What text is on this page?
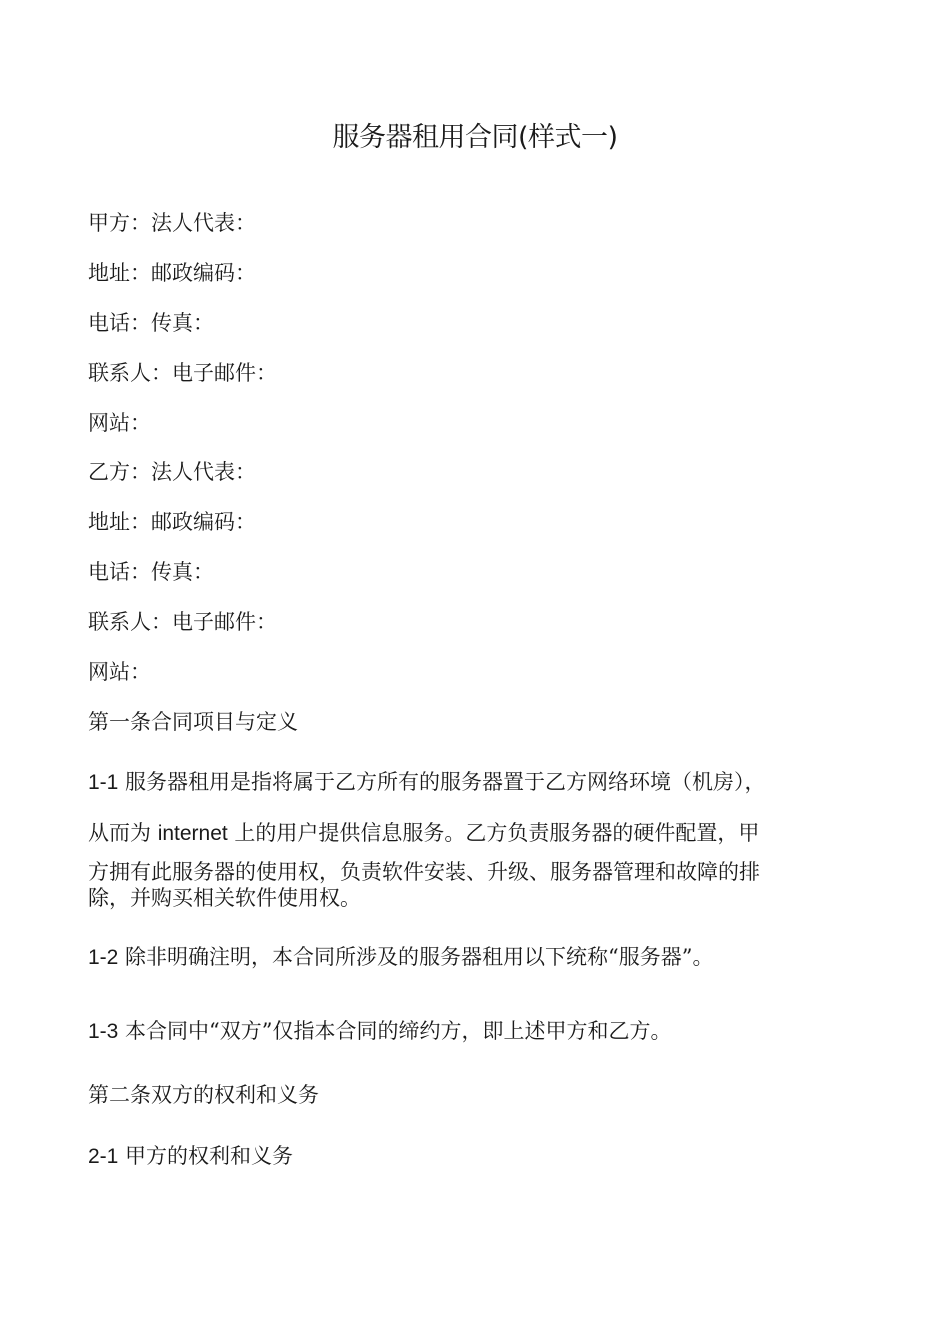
服务器租用合同(样式一)
甲方：法人代表：
地址：邮政编码：
电话：传真：
联系人：电子邮件：
网站：
乙方：法人代表：
地址：邮政编码：
电话：传真：
联系人：电子邮件：
网站：
第一条合同项目与定义
1-1 服务器租用是指将属于乙方所有的服务器置于乙方网络环境（机房），
从而为 internet 上的用户提供信息服务。乙方负责服务器的硬件配置，甲
方拥有此服务器的使用权，负责软件安装、升级、服务器管理和故障的排
除，并购买相关软件使用权。
1-2 除非明确注明，本合同所涉及的服务器租用以下统称“服务器”。
1-3 本合同中“双方”仅指本合同的缔约方，即上述甲方和乙方。
第二条双方的权利和义务
2-1 甲方的权利和义务
